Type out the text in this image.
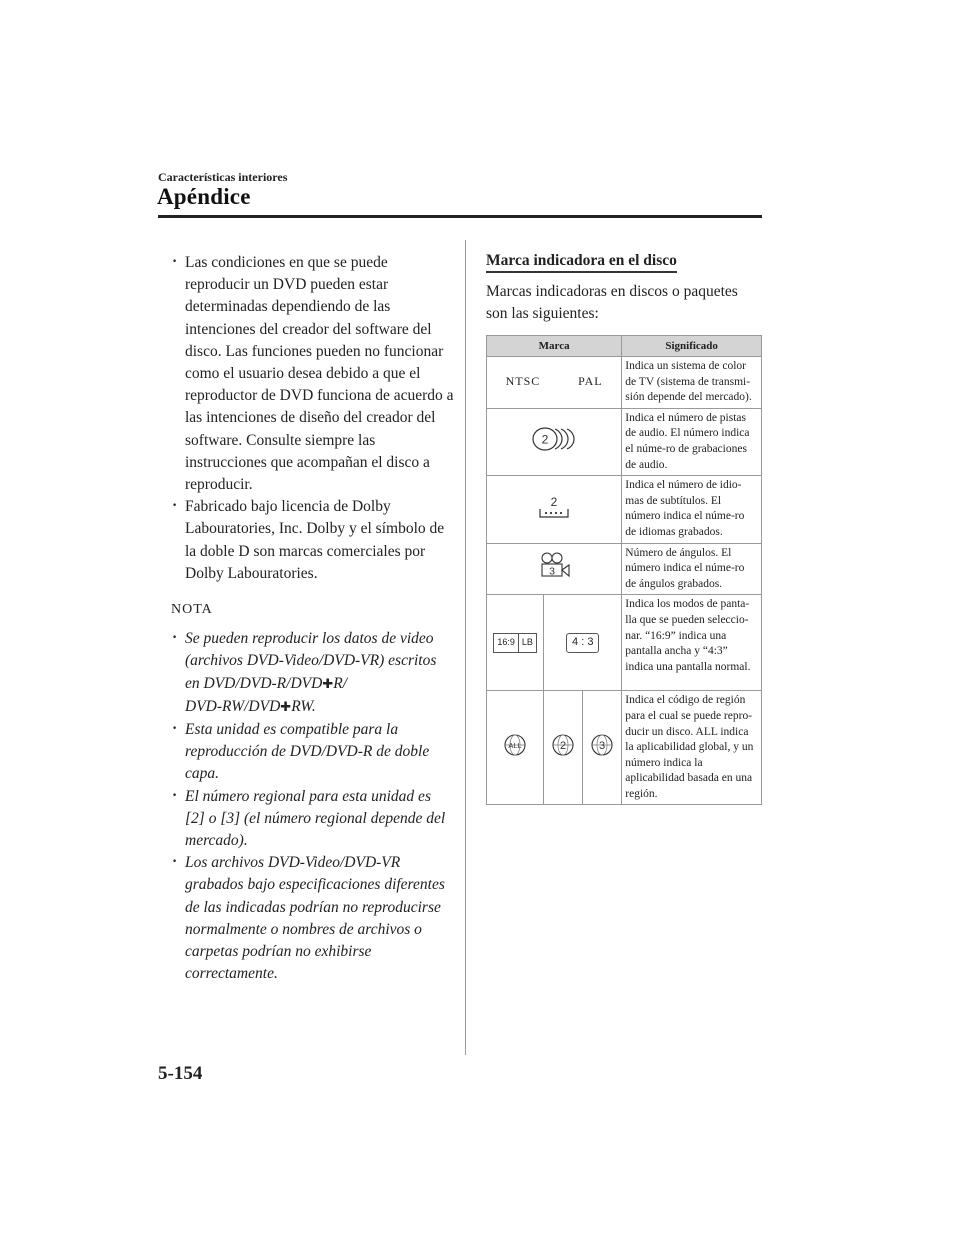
Características interiores
Apéndice
· Las condiciones en que se puede reproducir un DVD pueden estar determinadas dependiendo de las intenciones del creador del software del disco. Las funciones pueden no funcionar como el usuario desea debido a que el reproductor de DVD funciona de acuerdo a las intenciones de diseño del creador del software. Consulte siempre las instrucciones que acompañan el disco a reproducir.
· Fabricado bajo licencia de Dolby Labouratories, Inc. Dolby y el símbolo de la doble D son marcas comerciales por Dolby Labouratories.
NOTA
· Se pueden reproducir los datos de video (archivos DVD-Video/DVD-VR) escritos en DVD/DVD-R/DVD✚R/
DVD-RW/DVD✚RW.
· Esta unidad es compatible para la reproducción de DVD/DVD-R de doble capa.
· El número regional para esta unidad es [2] o [3] (el número regional depende del mercado).
· Los archivos DVD-Video/DVD-VR grabados bajo especificaciones diferentes de las indicadas podrían no reproducirse normalmente o nombres de archivos o carpetas podrían no exhibirse correctamente.
Marca indicadora en el disco
Marcas indicadoras en discos o paquetes son las siguientes:
Marca			Significado
NTSC PAL			Indica un sistema de color de TV (sistema de transmi-sión depende del mercado).

2			Indica el número de pistas de audio. El número indica el núme-ro de grabaciones de audio.

2			Indica el número de idio-mas de subtítulos. El número indica el núme-ro de idiomas grabados.

3			Número de ángulos. El número indica el núme-ro de ángulos grabados.

16:9 LB	4 : 3		Indica los modos de panta-lla que se pueden seleccio-nar. “16:9” indica una pantalla ancha y “4:3” indica una pantalla normal.

ALL	2	3	Indica el código de región para el cual se puede repro-ducir un disco. ALL indica la aplicabilidad global, y un número indica la aplicabilidad basada en una región.
5-154
